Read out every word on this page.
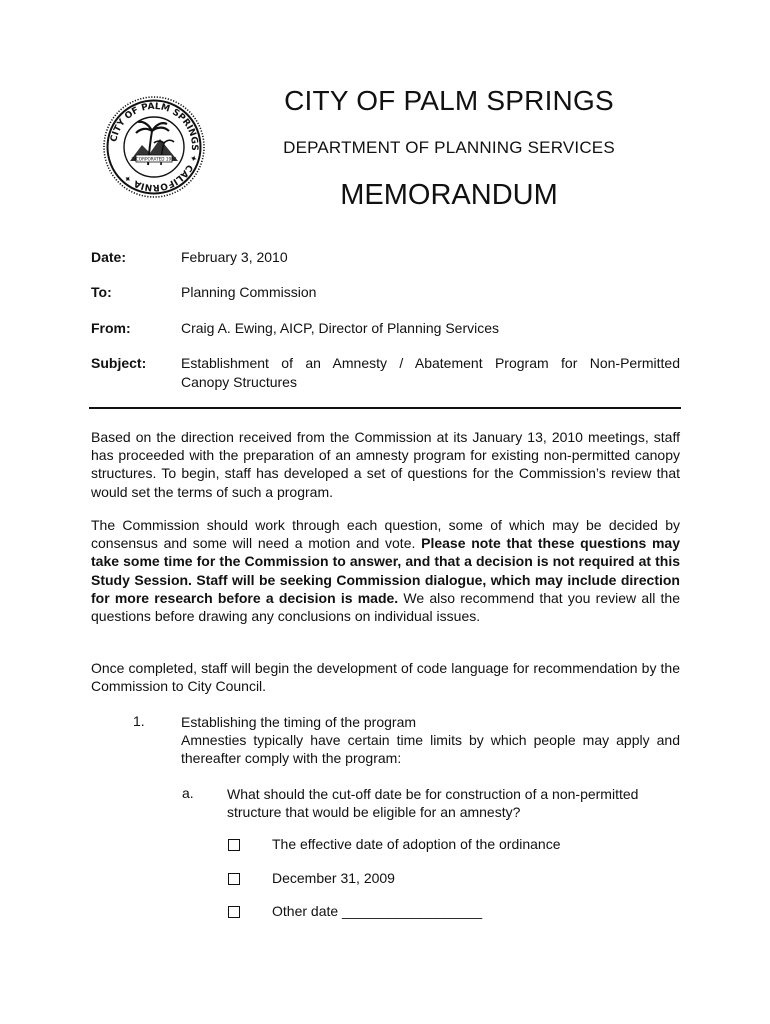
CITY OF PALM SPRINGS ✦ CALIFORNIA ✦
INCORPORATED 1938
CITY OF PALM SPRINGS
DEPARTMENT OF PLANNING SERVICES
MEMORANDUM
Date:	February 3, 2010
To:	Planning Commission
From:	Craig A. Ewing, AICP, Director of Planning Services
Subject: Establishment of an Amnesty / Abatement Program for Non-Permitted
Canopy Structures

Based on the direction received from the Commission at its January 13, 2010 meetings, staff has proceeded with the preparation of an amnesty program for existing non-permitted canopy structures. To begin, staff has developed a set of questions for the Commission’s review that would set the terms of such a program.

The Commission should work through each question, some of which may be decided by consensus and some will need a motion and vote. Please note that these questions may take some time for the Commission to answer, and that a decision is not required at this Study Session. Staff will be seeking Commission dialogue, which may include direction for more research before a decision is made. We also recommend that you review all the questions before drawing any conclusions on individual issues.

Once completed, staff will begin the development of code language for recommendation by the Commission to City Council.

1.	Establishing the timing of the program
Amnesties typically have certain time limits by which people may apply and thereafter comply with the program:
a. What should the cut-off date be for construction of a non-permitted structure that would be eligible for an amnesty?
The effective date of adoption of the ordinance
December 31, 2009
Other date __________________
